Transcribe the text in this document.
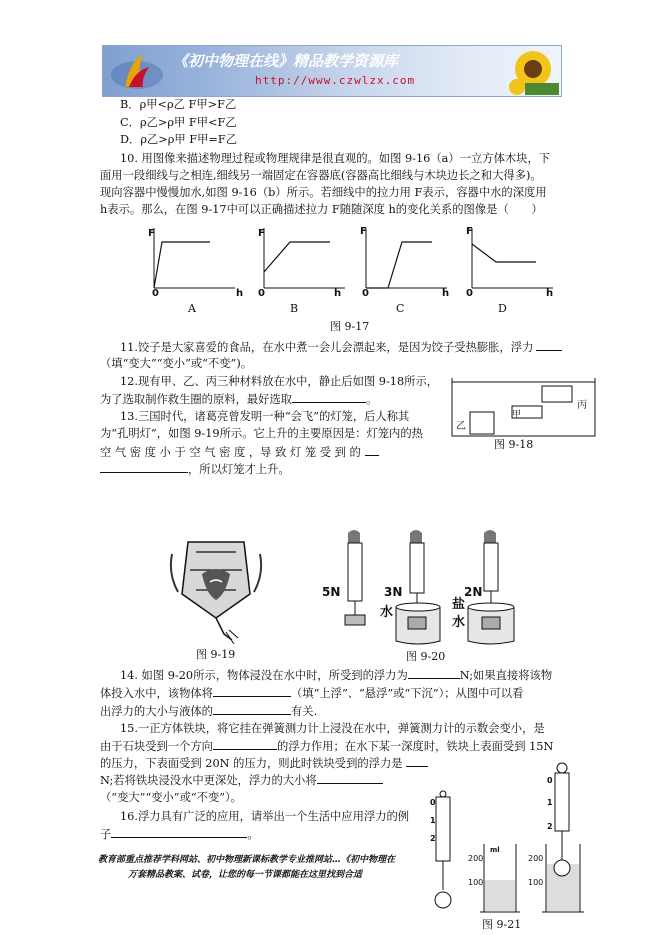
《初中物理在线》精品教学资源库
http://www.czwlzx.com
B．ρ甲<ρ乙 F甲>F乙
C．ρ乙>ρ甲 F甲<F乙
D．ρ乙>ρ甲 F甲=F乙
10. 用图像来描述物理过程或物理规律是很直观的。如图 9-16（a）一立方体木块，下
面用一段细线与之相连,细线另一端固定在容器底(容器高比细线与木块边长之和大得多)。
现向容器中慢慢加水,如图 9-16（b）所示。若细线中的拉力用 F表示，容器中水的深度用
h表示。那么，在图 9-17中可以正确描述拉力 F随随深度 h的变化关系的图像是（　　）
F	F	F	F
0	0	0	0
h	h	h	h
A	B	C	D
图 9-17
11.饺子是大家喜爱的食品，在水中煮一会儿会漂起来，是因为饺子受热膨胀，浮力
（填“变大”“变小”或“不变”)。
12.现有甲、乙、丙三种材料放在水中，静止后如图 9-18所示，
为了选取制作救生圈的原料，最好选取	。	丙
乙
甲
图 9-18
13.三国时代，诸葛亮曾发明一种“会飞”的灯笼，后人称其
为“孔明灯”，如图 9-19所示。它上升的主要原因是：灯笼内的热
空 气 密 度 小 于 空 气 密 度 ，导 致 灯 笼 受 到 的
，所以灯笼才上升。
图 9-19
5N	3N	2N
水
盐
水
图 9-20
14. 如图 9-20所示，物体浸没在水中时，所受到的浮力为	N;如果直接将该物
体投入水中，该物体将	（填“上浮”、“悬浮”或“下沉”）；从图中可以看
出浮力的大小与液体的	有关.
15.一正方体铁块，将它挂在弹簧测力计上浸没在水中，弹簧测力计的示数会变小，是
由于石块受到一个方向	的浮力作用；在水下某一深度时，铁块上表面受到 15N
的压力，下表面受到 20N 的压力，则此时铁块受到的浮力是
N;若将铁块浸没水中更深处，浮力的大小将
（“变大”“变小”或“不变”）。
16.浮力具有广泛的应用，请举出一个生活中应用浮力的例
子	。
教育部重点推荐学科网站、初中物理新课标教学专业推网站…《初中物理在
万套精品教案、试卷，让您的每一节课都能在这里找到合适
0
1
2
0
1
2
ml
200
100
200
100
图 9-21
